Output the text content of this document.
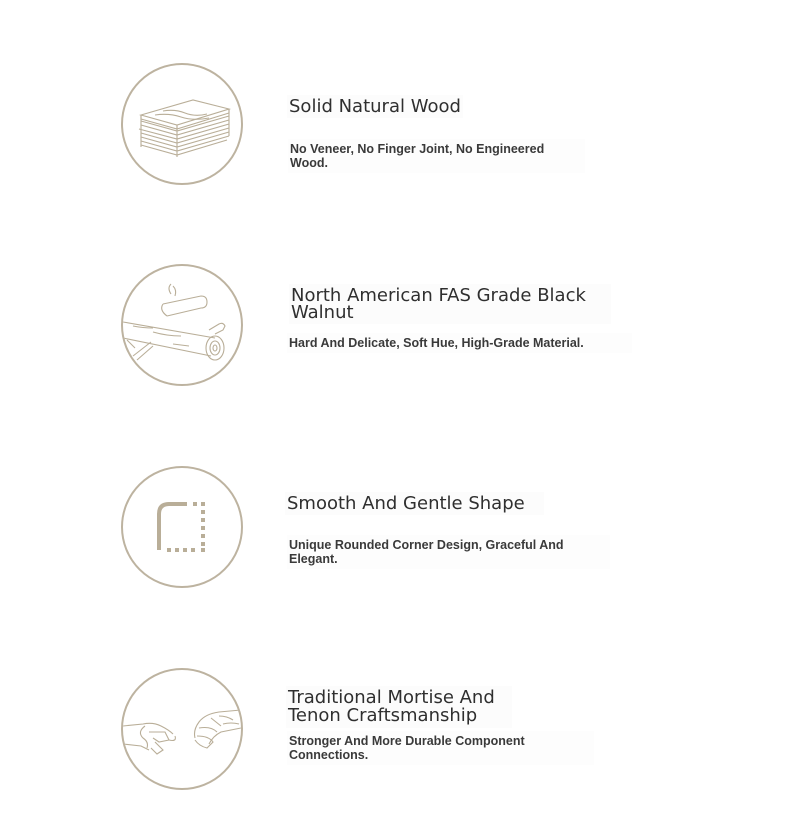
Solid Natural Wood
No Veneer, No Finger Joint, No Engineered Wood.
North American FAS Grade Black Walnut
Hard And Delicate, Soft Hue, High-Grade Material.
Smooth And Gentle Shape
Unique Rounded Corner Design, Graceful And Elegant.
Traditional Mortise And Tenon Craftsmanship
Stronger And More Durable Component Connections.
